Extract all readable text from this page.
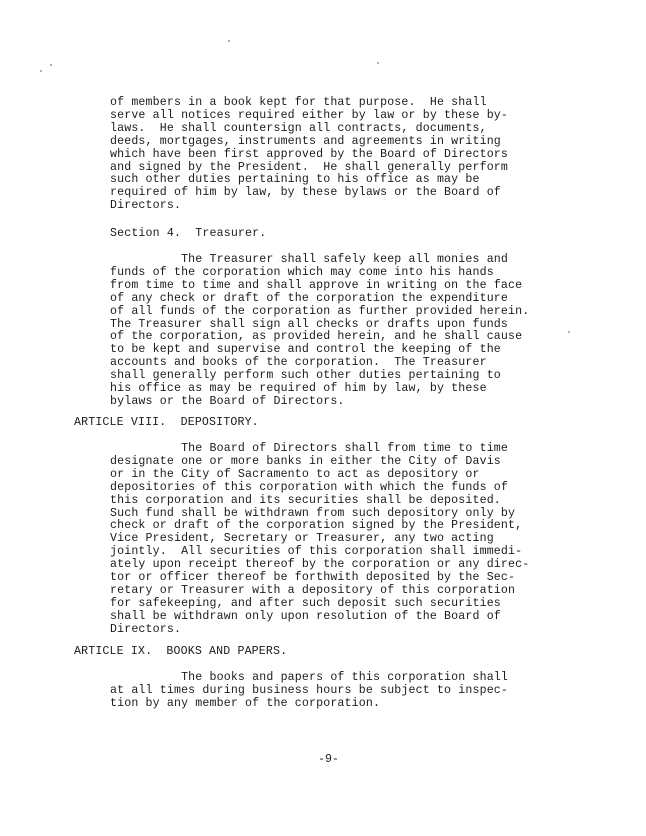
of members in a book kept for that purpose.  He shall

serve all notices required either by law or by these by-

laws.  He shall countersign all contracts, documents,

deeds, mortgages, instruments and agreements in writing

which have been first approved by the Board of Directors

and signed by the President.  He shall generally perform

such other duties pertaining to his office as may be

required of him by law, by these bylaws or the Board of

Directors.

Section 4.  Treasurer.

The Treasurer shall safely keep all monies and

funds of the corporation which may come into his hands

from time to time and shall approve in writing on the face

of any check or draft of the corporation the expenditure

of all funds of the corporation as further provided herein.

The Treasurer shall sign all checks or drafts upon funds

of the corporation, as provided herein, and he shall cause

to be kept and supervise and control the keeping of the

accounts and books of the corporation.  The Treasurer

shall generally perform such other duties pertaining to

his office as may be required of him by law, by these

bylaws or the Board of Directors.

ARTICLE VIII.  DEPOSITORY.

The Board of Directors shall from time to time

designate one or more banks in either the City of Davis

or in the City of Sacramento to act as depository or

depositories of this corporation with which the funds of

this corporation and its securities shall be deposited.

Such fund shall be withdrawn from such depository only by

check or draft of the corporation signed by the President,

Vice President, Secretary or Treasurer, any two acting

jointly.  All securities of this corporation shall immedi-

ately upon receipt thereof by the corporation or any direc-

tor or officer thereof be forthwith deposited by the Sec-

retary or Treasurer with a depository of this corporation

for safekeeping, and after such deposit such securities

shall be withdrawn only upon resolution of the Board of

Directors.

ARTICLE IX.  BOOKS AND PAPERS.

The books and papers of this corporation shall

at all times during business hours be subject to inspec-

tion by any member of the corporation.

-9-
